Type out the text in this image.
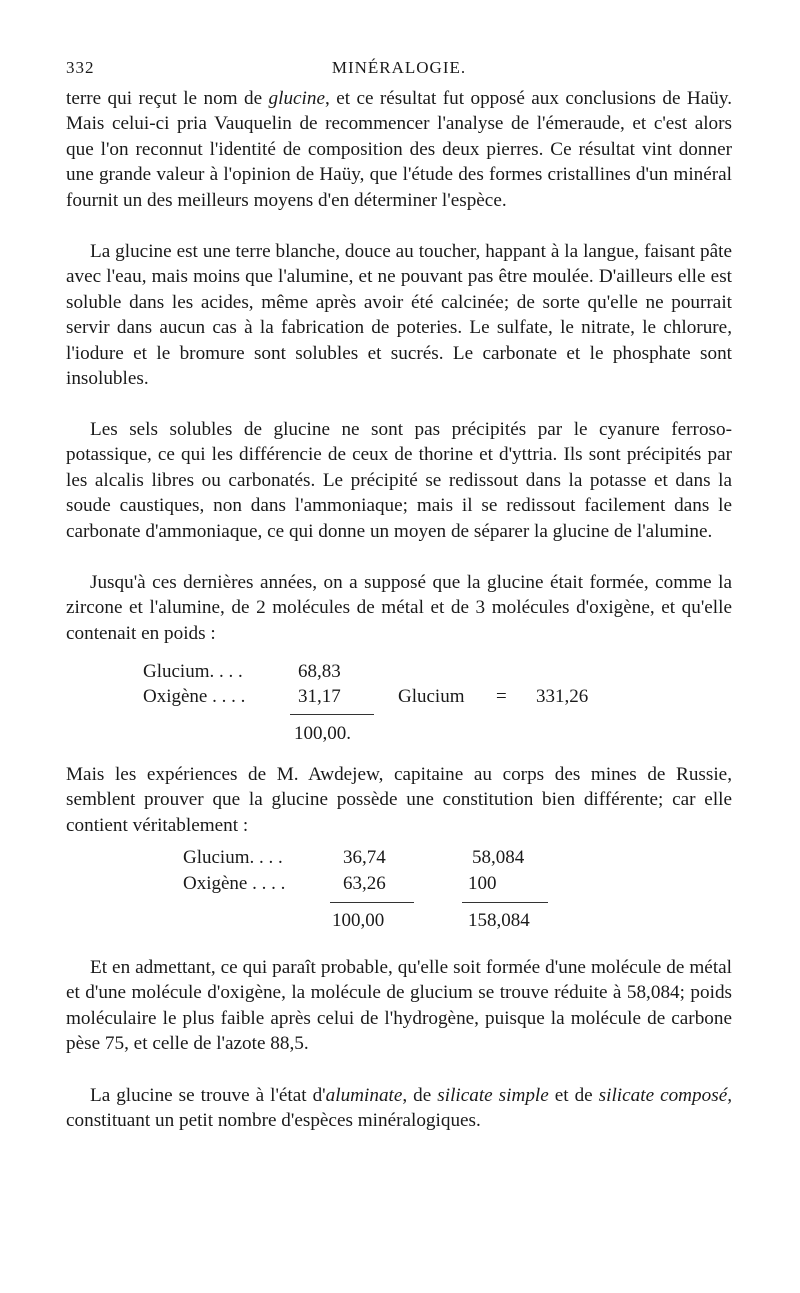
332	MINÉRALOGIE.

terre qui reçut le nom de glucine, et ce résultat fut opposé aux conclusions de Haüy. Mais celui-ci pria Vauquelin de recommencer l'analyse de l'émeraude, et c'est alors que l'on reconnut l'identité de composition des deux pierres. Ce résultat vint donner une grande valeur à l'opinion de Haüy, que l'étude des formes cristallines d'un minéral fournit un des meilleurs moyens d'en déterminer l'espèce.

La glucine est une terre blanche, douce au toucher, happant à la langue, faisant pâte avec l'eau, mais moins que l'alumine, et ne pouvant pas être moulée. D'ailleurs elle est soluble dans les acides, même après avoir été calcinée; de sorte qu'elle ne pourrait servir dans aucun cas à la fabrication de poteries. Le sulfate, le nitrate, le chlorure, l'iodure et le bromure sont solubles et sucrés. Le carbonate et le phosphate sont insolubles.

Les sels solubles de glucine ne sont pas précipités par le cyanure ferroso-potassique, ce qui les différencie de ceux de thorine et d'yttria. Ils sont précipités par les alcalis libres ou carbonatés. Le précipité se redissout dans la potasse et dans la soude caustiques, non dans l'ammoniaque; mais il se redissout facilement dans le carbonate d'ammoniaque, ce qui donne un moyen de séparer la glucine de l'alumine.

Jusqu'à ces dernières années, on a supposé que la glucine était formée, comme la zircone et l'alumine, de 2 molécules de métal et de 3 molécules d'oxigène, et qu'elle contenait en poids :

Glucium. . . .	68,83
Oxigène . . . .	31,17	Glucium = 331,26
100,00.

Mais les expériences de M. Awdejew, capitaine au corps des mines de Russie, semblent prouver que la glucine possède une constitution bien différente; car elle contient véritablement :

Glucium. . . .	36,74	58,084
Oxigène . . . .	63,26	100
100,00	158,084

Et en admettant, ce qui paraît probable, qu'elle soit formée d'une molécule de métal et d'une molécule d'oxigène, la molécule de glucium se trouve réduite à 58,084; poids moléculaire le plus faible après celui de l'hydrogène, puisque la molécule de carbone pèse 75, et celle de l'azote 88,5.

La glucine se trouve à l'état d'aluminate, de silicate simple et de silicate composé, constituant un petit nombre d'espèces minéralogiques.
